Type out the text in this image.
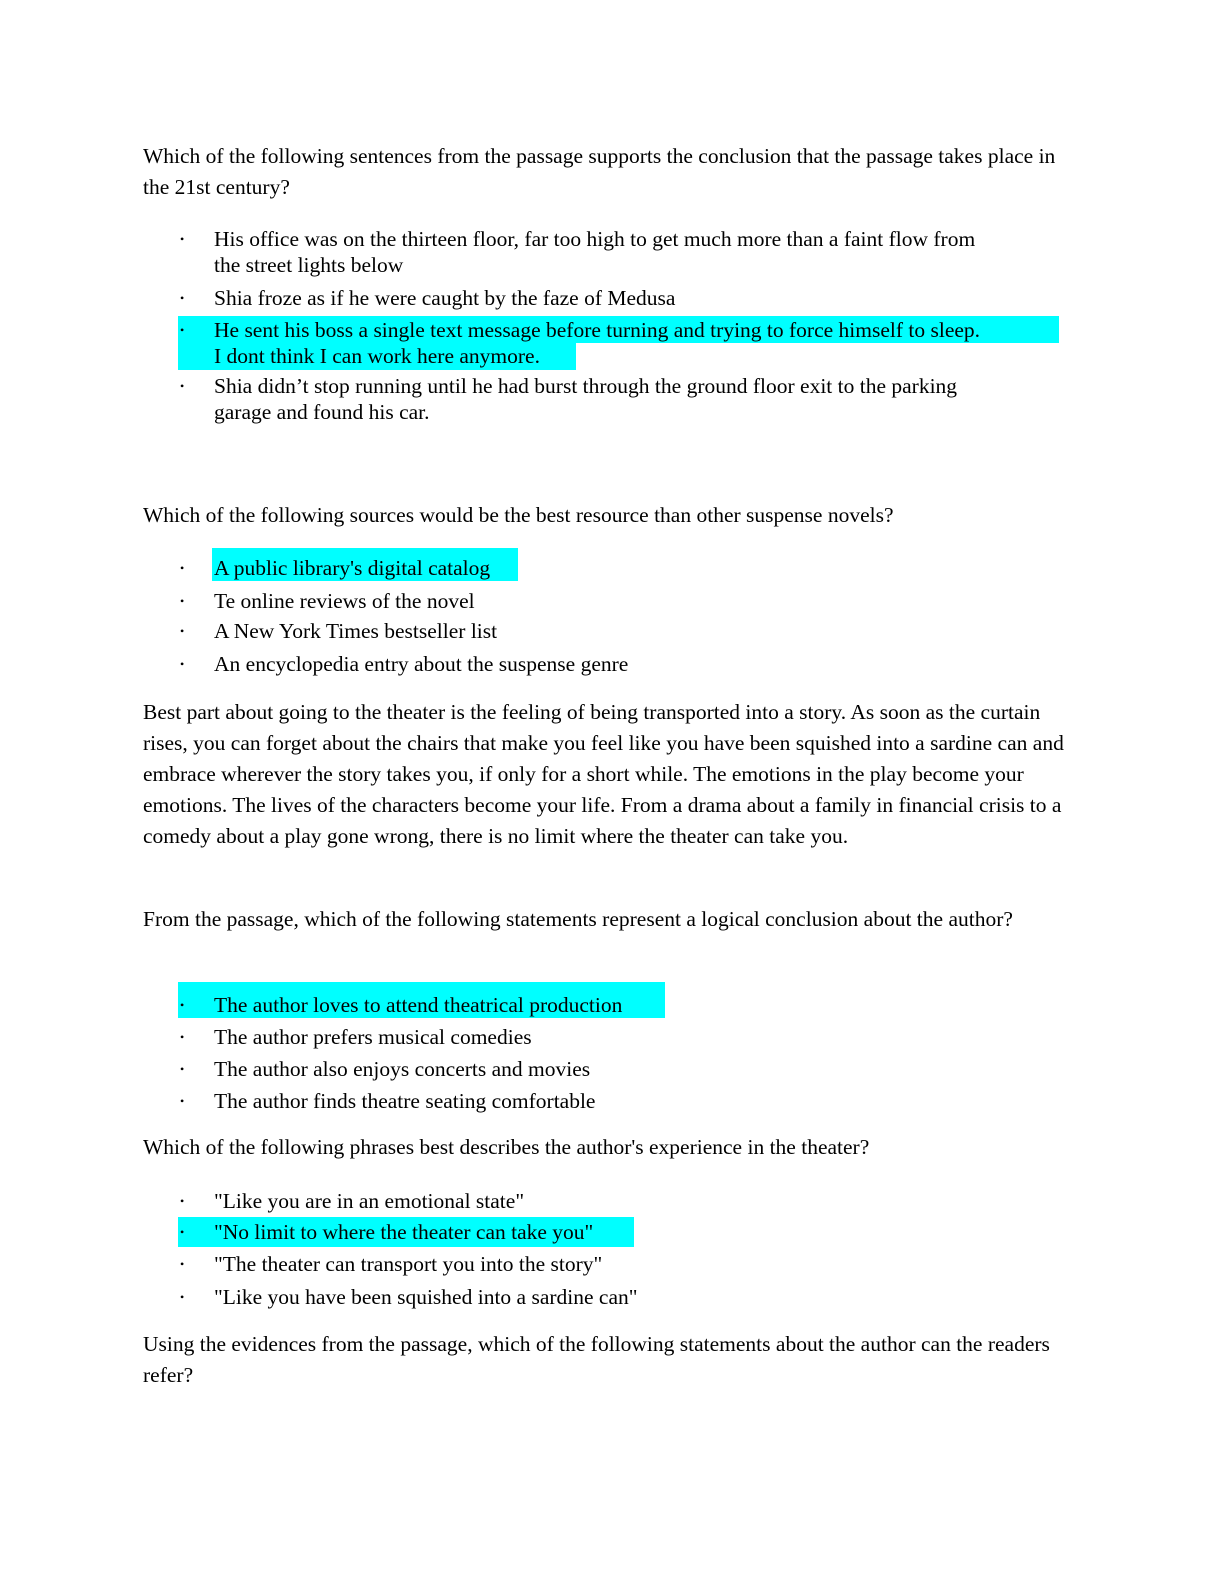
Which of the following sentences from the passage supports the conclusion that the passage takes place in the 21st century?

• His office was on the thirteen floor, far too high to get much more than a faint flow from
the street lights below
• Shia froze as if he were caught by the faze of Medusa
• He sent his boss a single text message before turning and trying to force himself to sleep.
I dont think I can work here anymore.
• Shia didn’t stop running until he had burst through the ground floor exit to the parking
garage and found his car.

Which of the following sources would be the best resource than other suspense novels?

• A public library's digital catalog
• Te online reviews of the novel
• A New York Times bestseller list
• An encyclopedia entry about the suspense genre

Best part about going to the theater is the feeling of being transported into a story. As soon as the curtain rises, you can forget about the chairs that make you feel like you have been squished into a sardine can and embrace wherever the story takes you, if only for a short while. The emotions in the play become your emotions. The lives of the characters become your life. From a drama about a family in financial crisis to a comedy about a play gone wrong, there is no limit where the theater can take you.

From the passage, which of the following statements represent a logical conclusion about the author?

• The author loves to attend theatrical production
• The author prefers musical comedies
• The author also enjoys concerts and movies
• The author finds theatre seating comfortable

Which of the following phrases best describes the author's experience in the theater?

• "Like you are in an emotional state"
• "No limit to where the theater can take you"
• "The theater can transport you into the story"
• "Like you have been squished into a sardine can"

Using the evidences from the passage, which of the following statements about the author can the readers refer?
